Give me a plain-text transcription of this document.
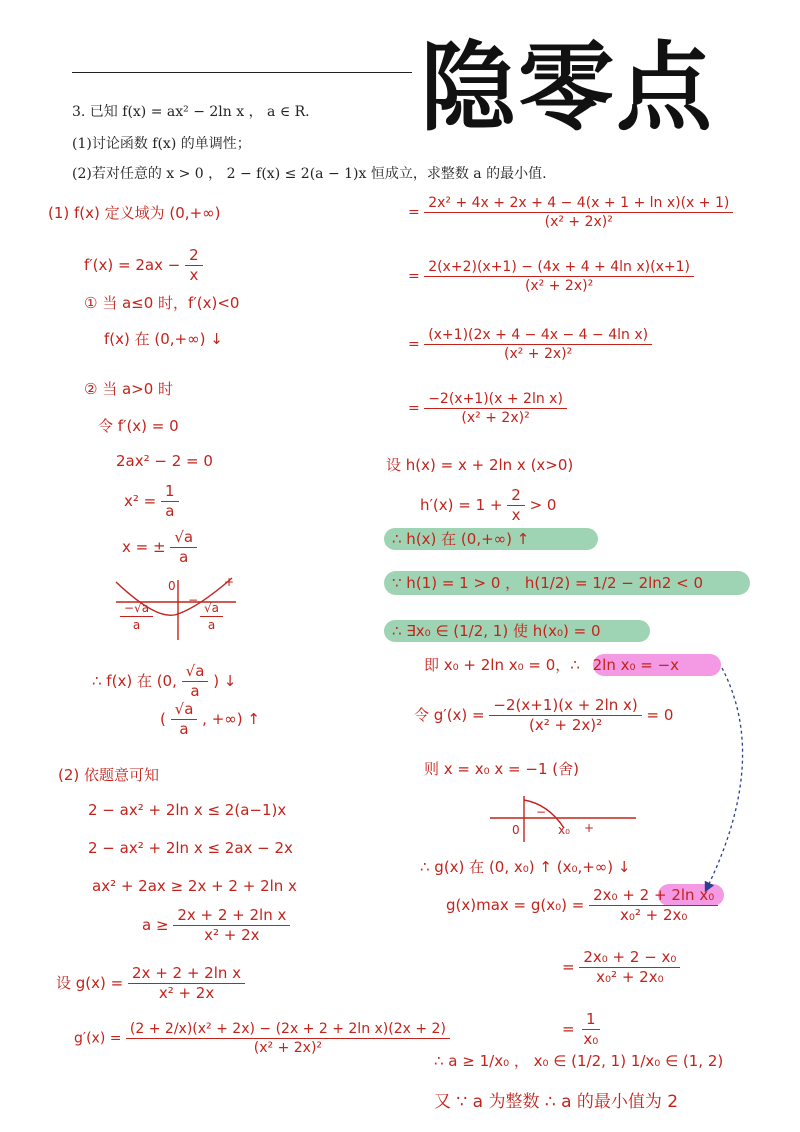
隐零点
3. 已知 f(x) = ax² − 2ln x ， a ∈ R.
(1)讨论函数 f(x) 的单调性；
(2)若对任意的 x > 0 ， 2 − f(x) ≤ 2(a − 1)x 恒成立，求整数 a 的最小值.
(1) f(x) 定义域为 (0,+∞)
$f'(x) = 2ax - \frac{2}{x}$
① 当 a≤0 时，f′(x)<0
f(x) 在 (0,+∞) ↓
② 当 a>0 时
令 f′(x) = 0
2ax² − 2 = 0
$x^2 = \frac{1}{a}$
x = ± $\frac{√a}{a}$
0	+
−
$\frac{-√a}{a}$	$\frac{√a}{a}$
∴ f(x) 在 (0, $\frac{√a}{a}$ ) ↓
( $\frac{√a}{a}$ , +∞) ↑
(2) 依题意可知
2 − ax² + 2ln x ≤ 2(a−1)x
2 − ax² + 2ln x ≤ 2ax − 2x
ax² + 2ax ≥ 2x + 2 + 2ln x
$a \ge \frac{\text{2x + 2 + 2ln x}}{\text{x² + 2x}}$
设 $g(x) = \frac{\text{2x + 2 + 2ln x}}{\text{x² + 2x}}$
$g'(x) = \frac{\text{(2 + 2/x)(x² + 2x) − (2x + 2 + 2ln x)(2x + 2)}}{\text{(x² + 2x)²}}$
= $\frac{\text{2x² + 4x + 2x + 4 − 4(x + 1 + ln x)(x + 1)}}{\text{(x² + 2x)²}}$
= $\frac{\text{2(x+2)(x+1) − (4x + 4 + 4ln x)(x+1)}}{\text{(x² + 2x)²}}$
= $\frac{\text{(x+1)(2x + 4 − 4x − 4 − 4ln x)}}{\text{(x² + 2x)²}}$
= $\frac{\text{−2(x+1)(x + 2ln x)}}{\text{(x² + 2x)²}}$
设 h(x) = x + 2ln x (x>0)
$h'(x) = 1 + \frac{2}{x} > 0$
∴ h(x) 在 (0,+∞) ↑
∵ h(1) = 1 > 0 ， h(1/2) = 1/2 − 2ln2 < 0
∴ ∃x₀ ∈ (1/2, 1) 使 h(x₀) = 0
即 x₀ + 2ln x₀ = 0，∴ 2ln x₀ = −x
令 $g'(x) = \frac{\text{−2(x+1)(x + 2ln x)}}{\text{(x² + 2x)²}} = 0$
则 x = x₀ x = −1 (舍)
0	x₀
−
+
∴ g(x) 在 (0, x₀) ↑ (x₀,+∞) ↓
$g(x)\max = g(x_0) = \frac{\text{2x₀ + 2 + 2ln x₀}}{\text{x₀² + 2x₀}}$
= $\frac{\text{2x₀ + 2 − x₀}}{\text{x₀² + 2x₀}}$
= $\frac{1}{\text{x₀}}$
∴ a ≥ 1/x₀ ， x₀ ∈ (1/2, 1) 1/x₀ ∈ (1, 2)
又 ∵ a 为整数 ∴ a 的最小值为 2
